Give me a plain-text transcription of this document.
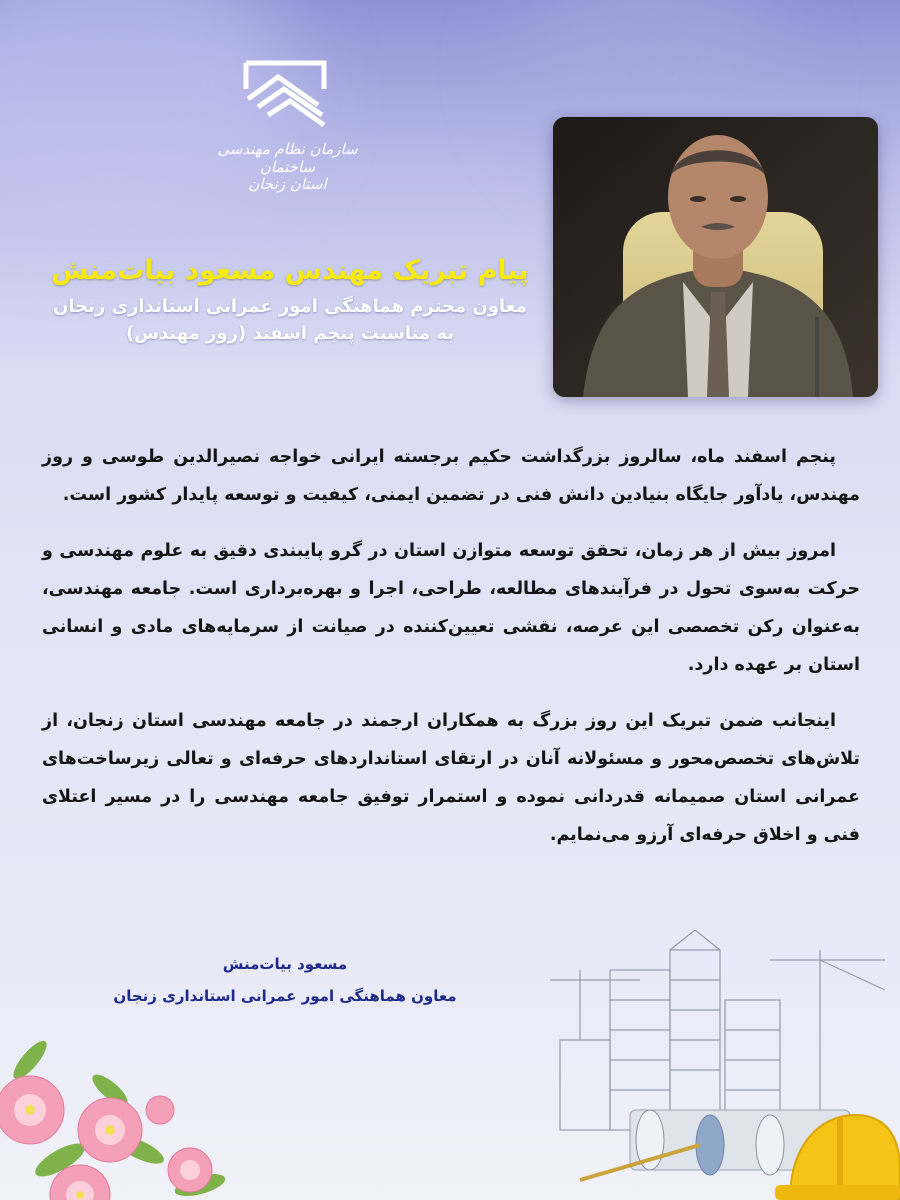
سازمان نظام مهندسی ساختمان
استان زنجان
پیام تبریک مهندس مسعود بیات‌منش
معاون محترم هماهنگی امور عمرانی استانداری زنجان
به مناسبت پنجم اسفند (روز مهندس)

پنجم اسفند ماه، سالروز بزرگداشت حکیم برجسته ایرانی خواجه نصیرالدین طوسی و روز مهندس، یادآور جایگاه بنیادین دانش فنی در تضمین ایمنی، کیفیت و توسعه پایدار کشور است.

امروز بیش از هر زمان، تحقق توسعه متوازن استان در گرو پایبندی دقیق به علوم مهندسی و حرکت به‌سوی تحول در فرآیندهای مطالعه، طراحی، اجرا و بهره‌برداری است. جامعه مهندسی، به‌عنوان رکن تخصصی این عرصه، نقشی تعیین‌کننده در صیانت از سرمایه‌های مادی و انسانی استان بر عهده دارد.

اینجانب ضمن تبریک این روز بزرگ به همکاران ارجمند در جامعه مهندسی استان زنجان، از تلاش‌های تخصص‌محور و مسئولانه آنان در ارتقای استانداردهای حرفه‌ای و تعالی زیرساخت‌های عمرانی استان صمیمانه قدردانی نموده و استمرار توفیق جامعه مهندسی را در مسیر اعتلای فنی و اخلاق حرفه‌ای آرزو می‌نمایم.

مسعود بیات‌منش
معاون هماهنگی امور عمرانی استانداری زنجان
